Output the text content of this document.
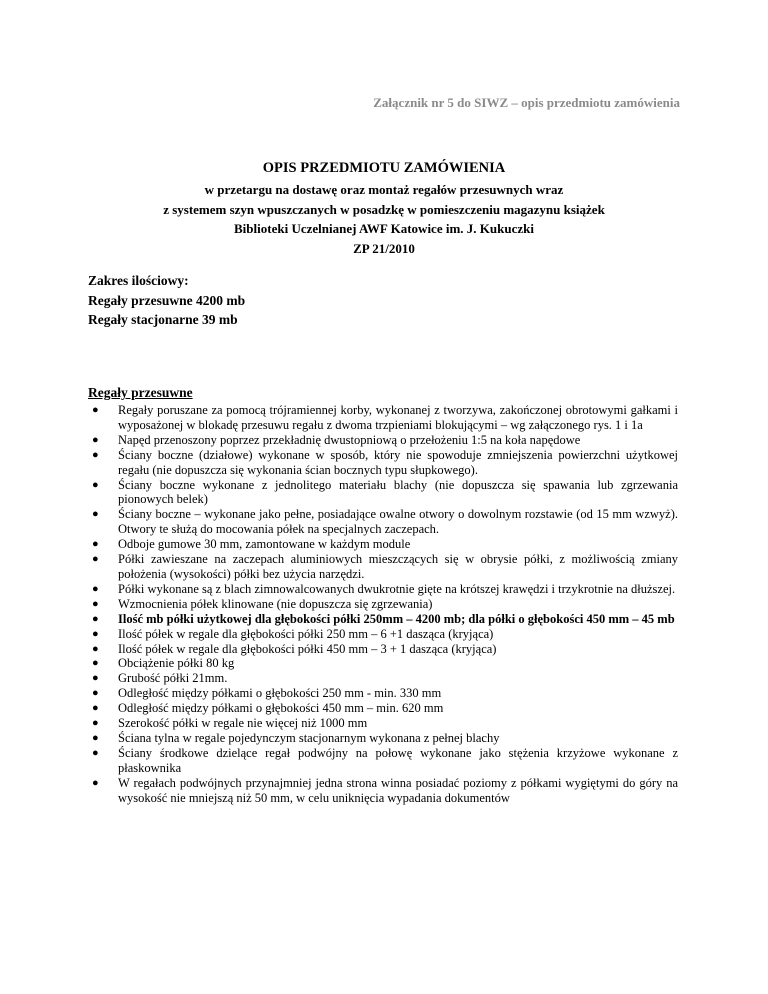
Załącznik nr 5 do SIWZ – opis przedmiotu zamówienia
OPIS PRZEDMIOTU ZAMÓWIENIA
w przetargu na dostawę oraz montaż regałów przesuwnych wraz
z systemem szyn wpuszczanych w posadzkę w pomieszczeniu magazynu książek
Biblioteki Uczelnianej AWF Katowice im. J. Kukuczki
ZP 21/2010
Zakres ilościowy:
Regały przesuwne 4200 mb
Regały stacjonarne 39 mb
Regały przesuwne
● Regały poruszane za pomocą trójramiennej korby, wykonanej z tworzywa, zakończonej obrotowymi gałkami i wyposażonej w blokadę przesuwu regału z dwoma trzpieniami blokującymi – wg załączonego rys. 1 i 1a
● Napęd przenoszony poprzez przekładnię dwustopniową o przełożeniu 1:5 na koła napędowe
● Ściany boczne (działowe) wykonane w sposób, który nie spowoduje zmniejszenia powierzchni użytkowej regału (nie dopuszcza się wykonania ścian bocznych typu słupkowego).
● Ściany boczne wykonane z jednolitego materiału blachy (nie dopuszcza się spawania lub zgrzewania pionowych belek)
● Ściany boczne – wykonane jako pełne, posiadające owalne otwory o dowolnym rozstawie (od 15 mm wzwyż). Otwory te służą do mocowania półek na specjalnych zaczepach.
● Odboje gumowe 30 mm, zamontowane w każdym module
● Półki zawieszane na zaczepach aluminiowych mieszczących się w obrysie półki, z możliwością zmiany położenia (wysokości) półki bez użycia narzędzi.
● Półki wykonane są z blach zimnowalcowanych dwukrotnie gięte na krótszej krawędzi i trzykrotnie na dłuższej.
● Wzmocnienia półek klinowane (nie dopuszcza się zgrzewania)
● Ilość mb półki użytkowej dla głębokości półki 250mm – 4200 mb; dla półki o głębokości 450 mm – 45 mb
● Ilość półek w regale dla głębokości półki 250 mm – 6 +1 dasząca (kryjąca)
● Ilość półek w regale dla głębokości półki 450 mm – 3 + 1 dasząca (kryjąca)
● Obciążenie półki 80 kg
● Grubość półki 21mm.
● Odległość między półkami o głębokości 250 mm - min. 330 mm
● Odległość między półkami o głębokości 450 mm – min. 620 mm
● Szerokość półki w regale nie więcej niż 1000 mm
● Ściana tylna w regale pojedynczym stacjonarnym wykonana z pełnej blachy
● Ściany środkowe dzielące regał podwójny na połowę wykonane jako stężenia krzyżowe wykonane z płaskownika
● W regałach podwójnych przynajmniej jedna strona winna posiadać poziomy z półkami wygiętymi do góry na wysokość nie mniejszą niż 50 mm, w celu uniknięcia wypadania dokumentów
